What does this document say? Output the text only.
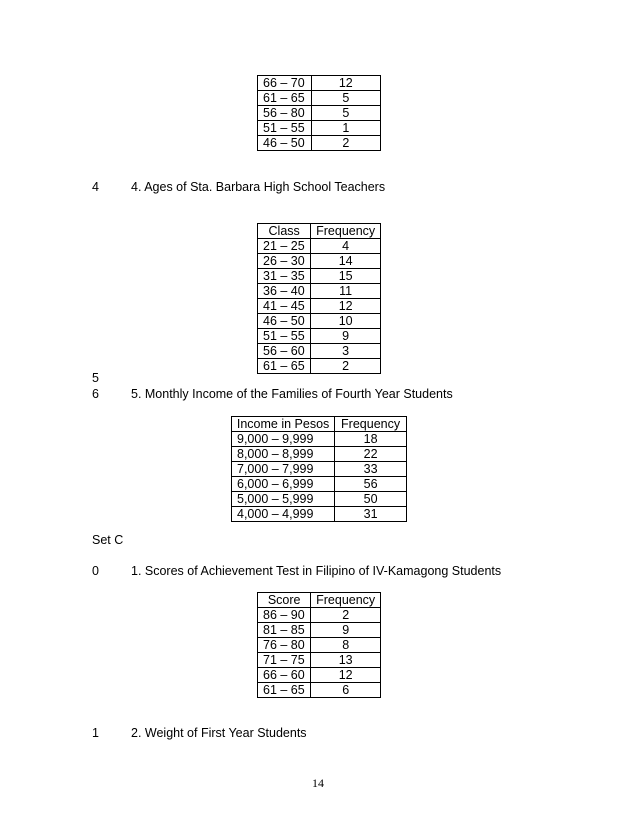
66 – 70	12
61 – 65	5
56 – 80	5
51 – 55	1
46 – 50	2
4	4. Ages of Sta. Barbara High School Teachers
Class	Frequency
21 – 25	4
26 – 30	14
31 – 35	15
36 – 40	11
41 – 45	12
46 – 50	10
51 – 55	9
56 – 60	3
61 – 65	2
5
6	5. Monthly Income of the Families of Fourth Year Students
Income in Pesos	Frequency
9,000 – 9,999	18
8,000 – 8,999	22
7,000 – 7,999	33
6,000 – 6,999	56
5,000 – 5,999	50
4,000 – 4,999	31
Set C
0	1. Scores of Achievement Test in Filipino of IV-Kamagong Students
Score	Frequency
86 – 90	2
81 – 85	9
76 – 80	8
71 – 75	13
66 – 60	12
61 – 65	6
1	2. Weight of First Year Students
14
